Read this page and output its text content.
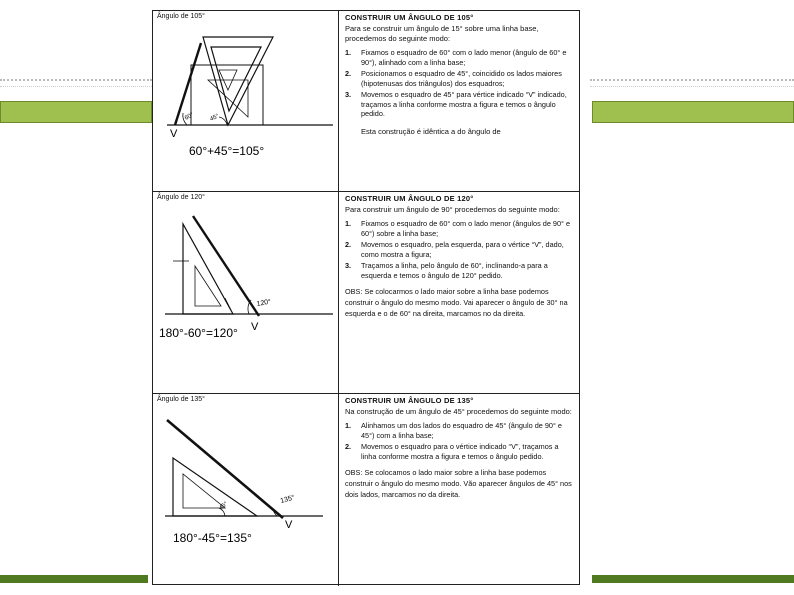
Ângulo de 105°
V
60° 45°
60°+45°=105°
CONSTRUIR UM ÂNGULO DE 105°

Para se construir um ângulo de 15° sobre uma linha base, procedemos do seguinte modo:

1. Fixamos o esquadro de 60° com o lado menor (ângulo de 60° e 90°), alinhado com a linha base;
2. Posicionamos o esquadro de 45°, coincidido os lados maiores (hipotenusas dos triângulos) dos esquadros;
3. Movemos o esquadro de 45° para vértice indicado “V” indicado, traçamos a linha conforme mostra a figura e temos o ângulo pedido.

Esta construção é idêntica a do ângulo de

Ângulo de 120°
V
120°
180°-60°=120°
CONSTRUIR UM ÂNGULO DE 120°

Para construir um ângulo de 90° procedemos do seguinte modo:

1. Fixamos o esquadro de 60° com o lado menor (ângulos de 90° e 60°) sobre a linha base;
2. Movemos o esquadro, pela esquerda, para o vértice “V”, dado, como mostra a figura;
3. Traçamos a linha, pelo ângulo de 60°, inclinando-a para a esquerda e temos o ângulo de 120° pedido.

OBS: Se colocarmos o lado maior sobre a linha base podemos construir o ângulo do mesmo modo. Vai aparecer o ângulo de 30° na esquerda e o de 60° na direita, marcamos no da direita.

Ângulo de 135°
V
135°
45°
180°-45°=135°
CONSTRUIR UM ÂNGULO DE 135°

Na construção de um ângulo de 45° procedemos do seguinte modo:

1. Alinhamos um dos lados do esquadro de 45° (ângulo de 90° e 45°) com a linha base;
2. Movemos o esquadro para o vértice indicado “V”, traçamos a linha conforme mostra a figura e temos o ângulo pedido.

OBS: Se colocamos o lado maior sobre a linha base podemos construir o ângulo do mesmo modo. Vão aparecer ângulos de 45° nos dois lados, marcamos no da direita.
